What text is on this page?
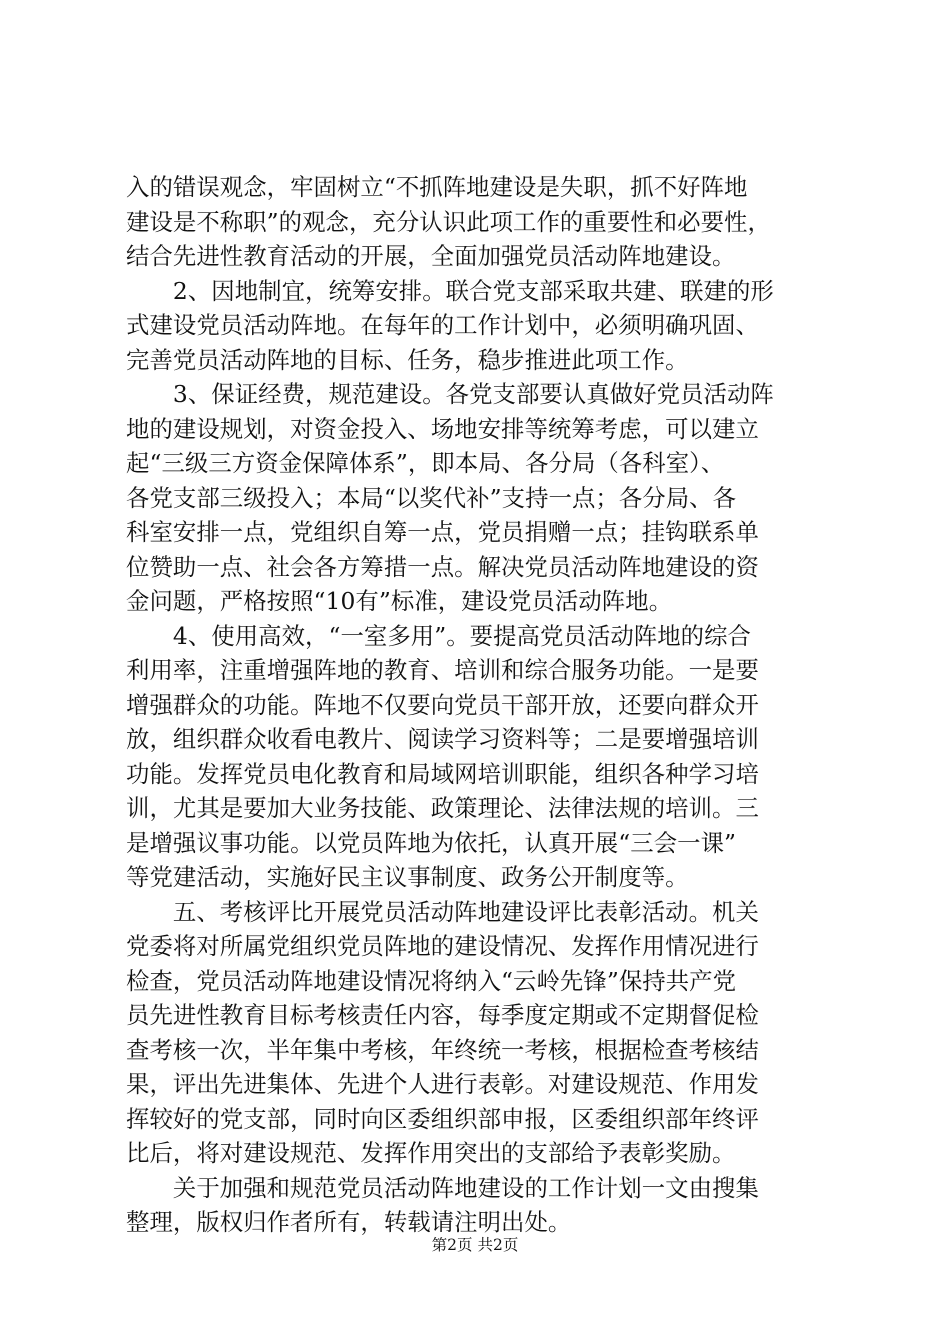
入的错误观念，牢固树立“不抓阵地建设是失职，抓不好阵地
建设是不称职”的观念，充分认识此项工作的重要性和必要性，
结合先进性教育活动的开展，全面加强党员活动阵地建设。
　　2、因地制宜，统筹安排。联合党支部采取共建、联建的形
式建设党员活动阵地。在每年的工作计划中，必须明确巩固、
完善党员活动阵地的目标、任务，稳步推进此项工作。
　　3、保证经费，规范建设。各党支部要认真做好党员活动阵
地的建设规划，对资金投入、场地安排等统筹考虑，可以建立
起“三级三方资金保障体系”，即本局、各分局（各科室）、
各党支部三级投入；本局“以奖代补”支持一点；各分局、各
科室安排一点，党组织自筹一点，党员捐赠一点；挂钩联系单
位赞助一点、社会各方筹措一点。解决党员活动阵地建设的资
金问题，严格按照“10有”标准，建设党员活动阵地。
　　4、使用高效，“一室多用”。要提高党员活动阵地的综合
利用率，注重增强阵地的教育、培训和综合服务功能。一是要
增强群众的功能。阵地不仅要向党员干部开放，还要向群众开
放，组织群众收看电教片、阅读学习资料等；二是要增强培训
功能。发挥党员电化教育和局域网培训职能，组织各种学习培
训，尤其是要加大业务技能、政策理论、法律法规的培训。三
是增强议事功能。以党员阵地为依托，认真开展“三会一课”
等党建活动，实施好民主议事制度、政务公开制度等。
　　五、考核评比开展党员活动阵地建设评比表彰活动。机关
党委将对所属党组织党员阵地的建设情况、发挥作用情况进行
检查，党员活动阵地建设情况将纳入“云岭先锋”保持共产党
员先进性教育目标考核责任内容，每季度定期或不定期督促检
查考核一次，半年集中考核，年终统一考核，根据检查考核结
果，评出先进集体、先进个人进行表彰。对建设规范、作用发
挥较好的党支部，同时向区委组织部申报，区委组织部年终评
比后，将对建设规范、发挥作用突出的支部给予表彰奖励。
　　关于加强和规范党员活动阵地建设的工作计划一文由搜集
整理，版权归作者所有，转载请注明出处。
第2页 共2页
